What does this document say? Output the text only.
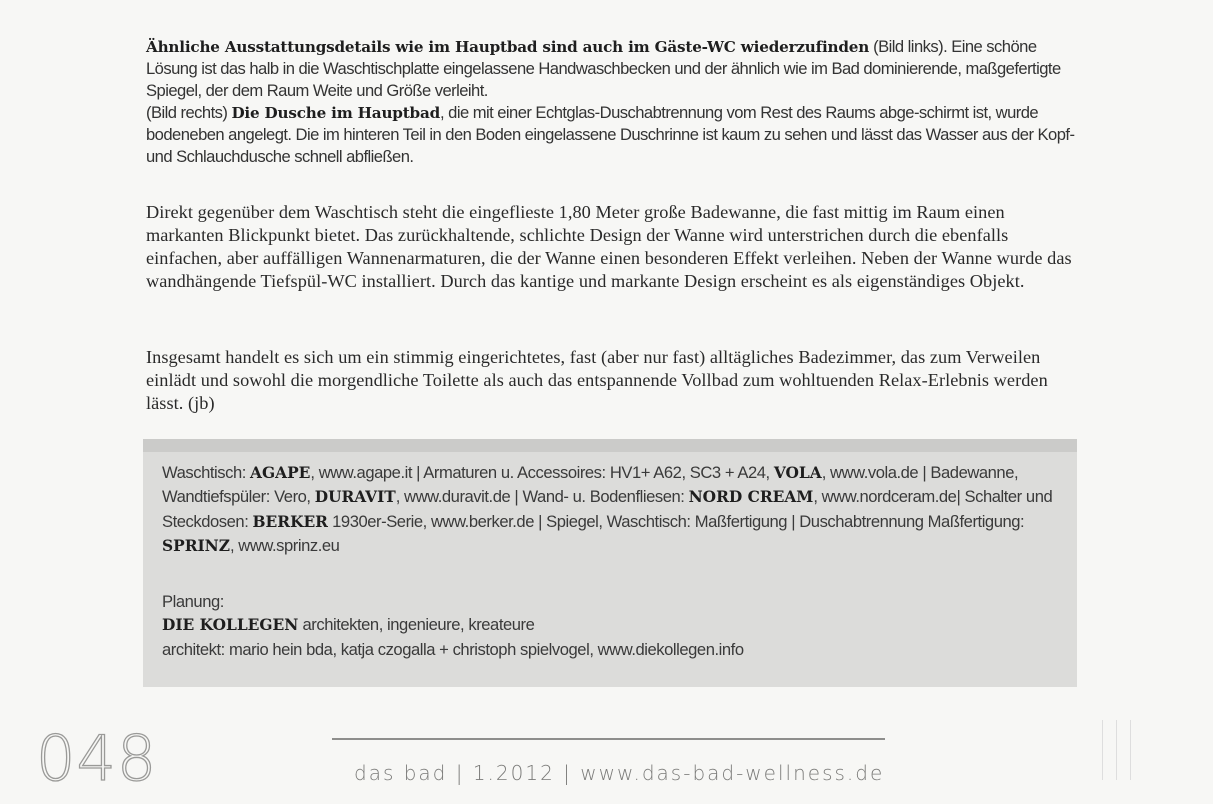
Ähnliche Ausstattungsdetails wie im Hauptbad sind auch im Gäste-WC wiederzufinden (Bild links). Eine schöne Lösung ist das halb in die Waschtischplatte eingelassene Handwaschbecken und der ähnlich wie im Bad dominierende, maßgefertigte Spiegel, der dem Raum Weite und Größe verleiht.
(Bild rechts) Die Dusche im Hauptbad, die mit einer Echtglas-Duschabtrennung vom Rest des Raums abge-schirmt ist, wurde bodeneben angelegt. Die im hinteren Teil in den Boden eingelassene Duschrinne ist kaum zu sehen und lässt das Wasser aus der Kopf- und Schlauchdusche schnell abfließen.
Direkt gegenüber dem Waschtisch steht die eingeflieste 1,80 Meter große Badewanne, die fast mittig im Raum einen markanten Blickpunkt bietet. Das zurückhaltende, schlichte Design der Wanne wird unterstrichen durch die ebenfalls einfachen, aber auffälligen Wannenarmaturen, die der Wanne einen besonderen Effekt verleihen. Neben der Wanne wurde das wandhängende Tiefspül-WC installiert. Durch das kantige und markante Design erscheint es als eigenständiges Objekt.
Insgesamt handelt es sich um ein stimmig eingerichtetes, fast (aber nur fast) alltägliches Badezimmer, das zum Verweilen einlädt und sowohl die morgendliche Toilette als auch das entspannende Vollbad zum wohltuenden Relax-Erlebnis werden lässt. (jb)
Waschtisch: AGAPE, www.agape.it | Armaturen u. Accessoires: HV1+ A62, SC3 + A24, VOLA, www.vola.de | Badewanne, Wandtiefspüler: Vero, DURAVIT, www.duravit.de | Wand- u. Bodenfliesen: NORD CREAM, www.nordceram.de| Schalter und Steckdosen: BERKER 1930er-Serie, www.berker.de | Spiegel, Waschtisch: Maßfertigung | Duschabtrennung Maßfertigung: SPRINZ, www.sprinz.eu
Planung:
DIE KOLLEGEN architekten, ingenieure, kreateure
architekt: mario hein bda, katja czogalla + christoph spielvogel, www.diekollegen.info
048	das bad | 1.2012 | www.das-bad-wellness.de
